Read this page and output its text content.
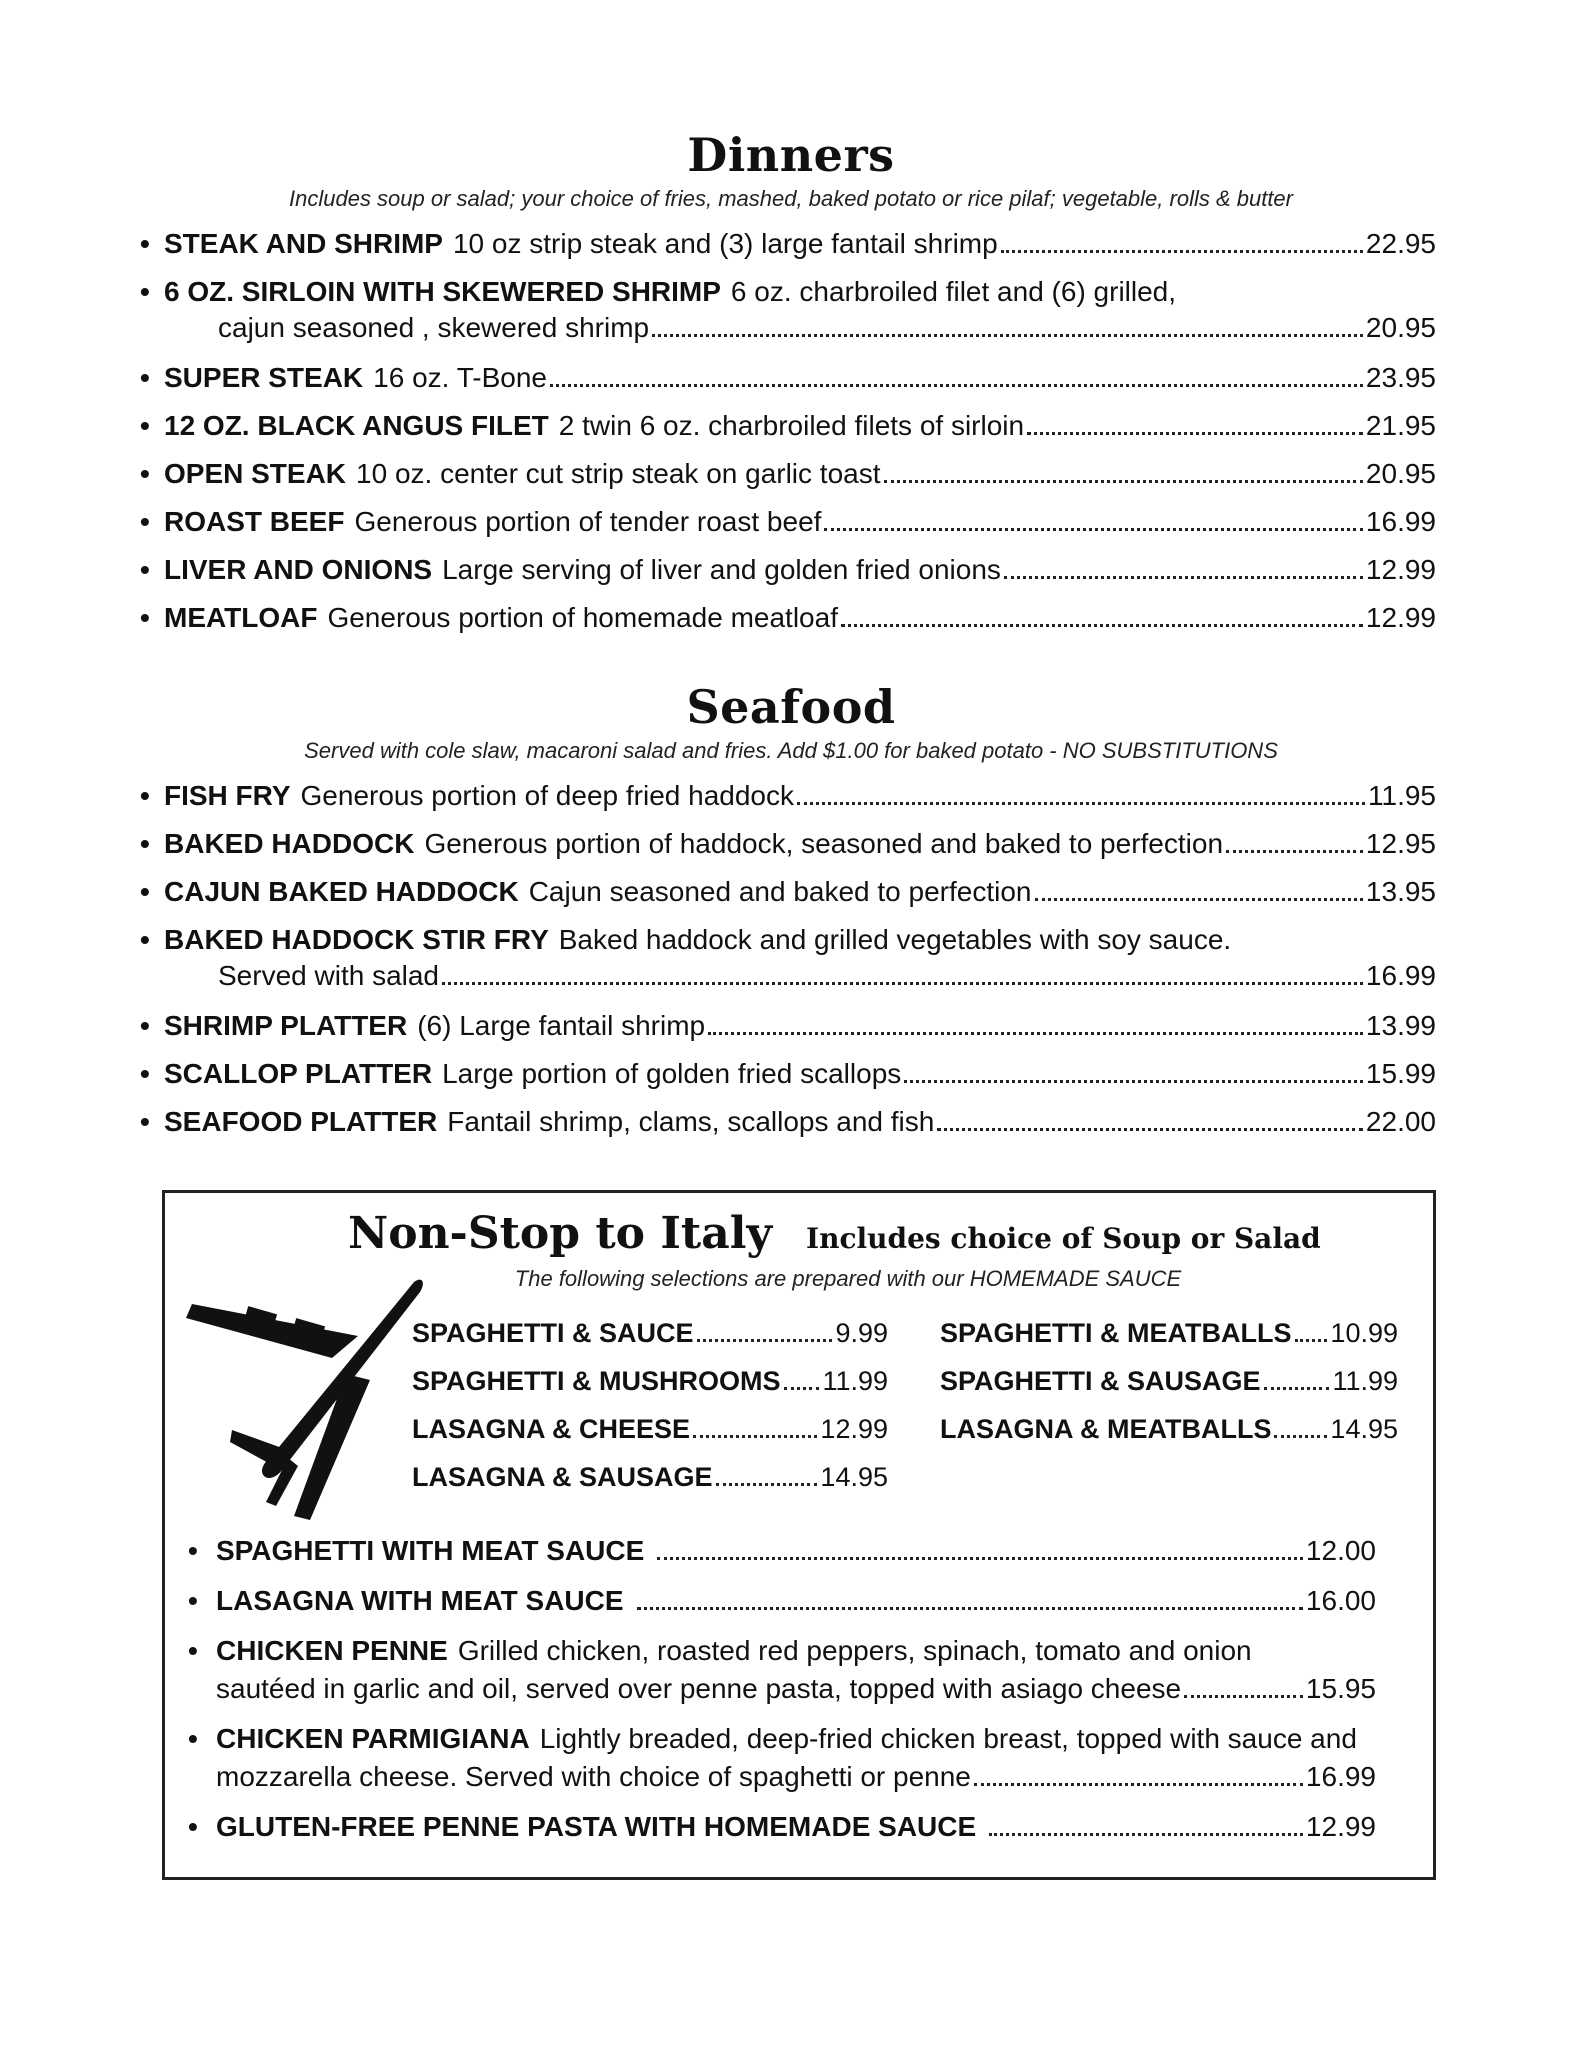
Dinners
Includes soup or salad; your choice of fries, mashed, baked potato or rice pilaf; vegetable, rolls & butter
• STEAK AND SHRIMP 10 oz strip steak and (3) large fantail shrimp	22.95
• 6 OZ. SIRLOIN WITH SKEWERED SHRIMP 6 oz. charbroiled filet and (6) grilled,
cajun seasoned , skewered shrimp	20.95
• SUPER STEAK 16 oz. T-Bone	23.95
• 12 OZ. BLACK ANGUS FILET 2 twin 6 oz. charbroiled filets of sirloin	21.95
• OPEN STEAK 10 oz. center cut strip steak on garlic toast	20.95
• ROAST BEEF Generous portion of tender roast beef	16.99
• LIVER AND ONIONS Large serving of liver and golden fried onions	12.99
• MEATLOAF Generous portion of homemade meatloaf	12.99
Seafood
Served with cole slaw, macaroni salad and fries. Add $1.00 for baked potato - NO SUBSTITUTIONS
• FISH FRY Generous portion of deep fried haddock	11.95
• BAKED HADDOCK Generous portion of haddock, seasoned and baked to perfection	12.95
• CAJUN BAKED HADDOCK Cajun seasoned and baked to perfection	13.95
• BAKED HADDOCK STIR FRY Baked haddock and grilled vegetables with soy sauce.
Served with salad	16.99
• SHRIMP PLATTER (6) Large fantail shrimp	13.99
• SCALLOP PLATTER Large portion of golden fried scallops	15.99
• SEAFOOD PLATTER Fantail shrimp, clams, scallops and fish	22.00
Non-Stop to Italy Includes choice of Soup or Salad
The following selections are prepared with our HOMEMADE SAUCE
SPAGHETTI & SAUCE	9.99 SPAGHETTI & MEATBALLS 10.99
SPAGHETTI & MUSHROOMS 11.99 SPAGHETTI & SAUSAGE	11.99
LASAGNA & CHEESE	12.99 LASAGNA & MEATBALLS 14.95
LASAGNA & SAUSAGE	14.95
• SPAGHETTI WITH MEAT SAUCE	12.00
• LASAGNA WITH MEAT SAUCE	16.00
• CHICKEN PENNE Grilled chicken, roasted red peppers, spinach, tomato and onion
sautéed in garlic and oil, served over penne pasta, topped with asiago cheese	15.95
• CHICKEN PARMIGIANA Lightly breaded, deep-fried chicken breast, topped with sauce and
mozzarella cheese. Served with choice of spaghetti or penne	16.99
• GLUTEN-FREE PENNE PASTA WITH HOMEMADE SAUCE	12.99
